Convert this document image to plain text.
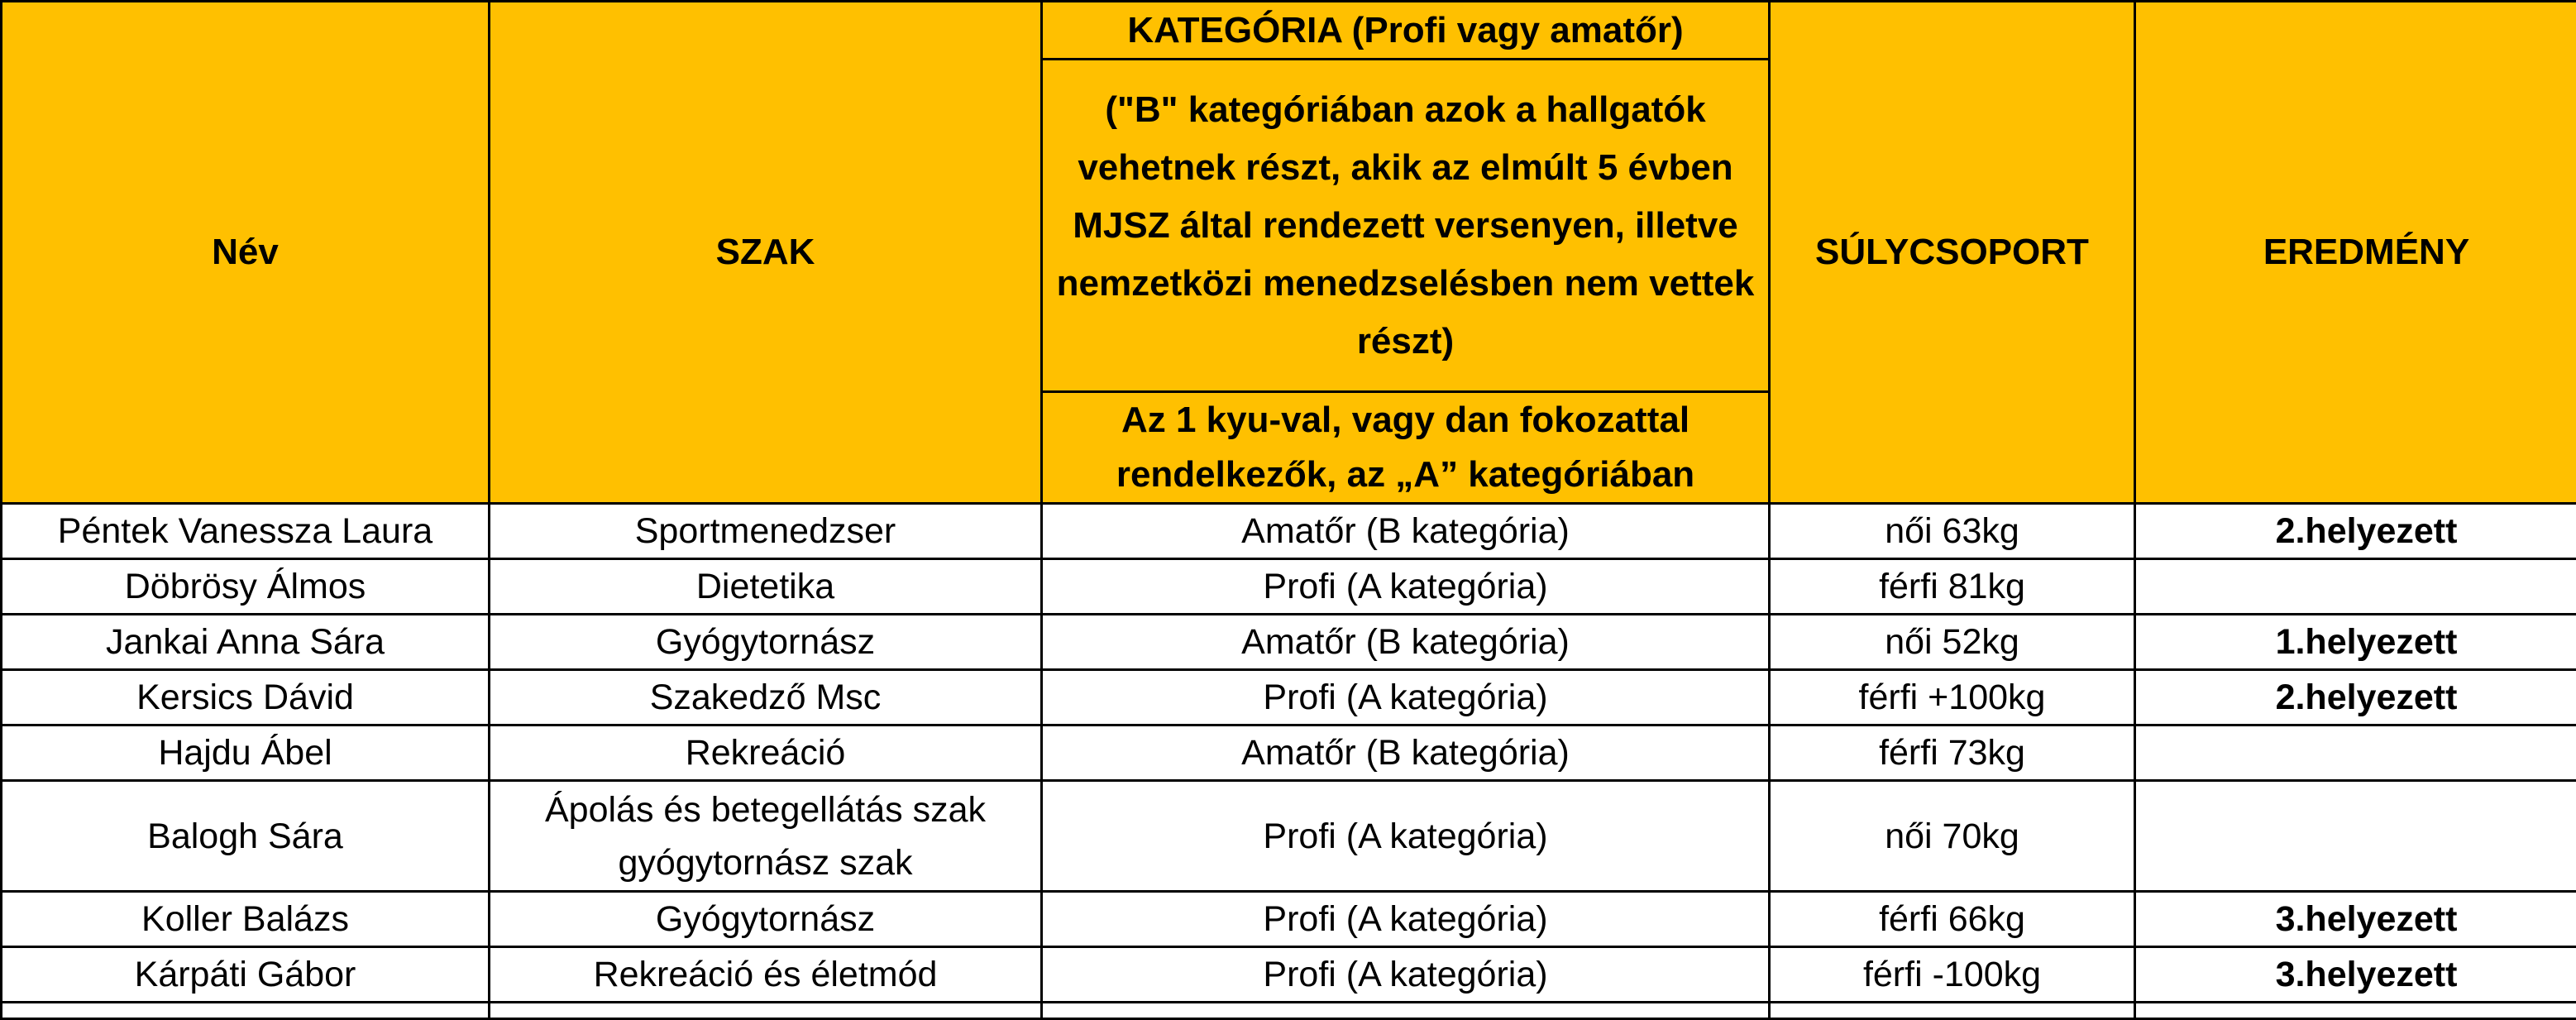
Név	SZAK	KATEGÓRIA (Profi vagy amatőr)	SÚLYCSOPORT	EREDMÉNY
		("B" kategóriában azok a hallgatók vehetnek részt, akik az elmúlt 5 évben MJSZ által rendezett versenyen, illetve nemzetközi menedzselésben nem vettek részt)		
		Az 1 kyu-val, vagy dan fokozattal rendelkezők, az „A” kategóriában		
Péntek Vanessza Laura	Sportmenedzser	Amatőr (B kategória)	női 63kg	2.helyezett
Döbrösy Álmos	Dietetika	Profi (A kategória)	férfi 81kg	
Jankai Anna Sára	Gyógytornász	Amatőr (B kategória)	női 52kg	1.helyezett
Kersics Dávid	Szakedző Msc	Profi (A kategória)	férfi +100kg	2.helyezett
Hajdu Ábel	Rekreáció	Amatőr (B kategória)	férfi 73kg	
Balogh Sára	Ápolás és betegellátás szak gyógytornász szak	Profi (A kategória)	női 70kg	
Koller Balázs	Gyógytornász	Profi (A kategória)	férfi 66kg	3.helyezett
Kárpáti Gábor	Rekreáció és életmód	Profi (A kategória)	férfi -100kg	3.helyezett
